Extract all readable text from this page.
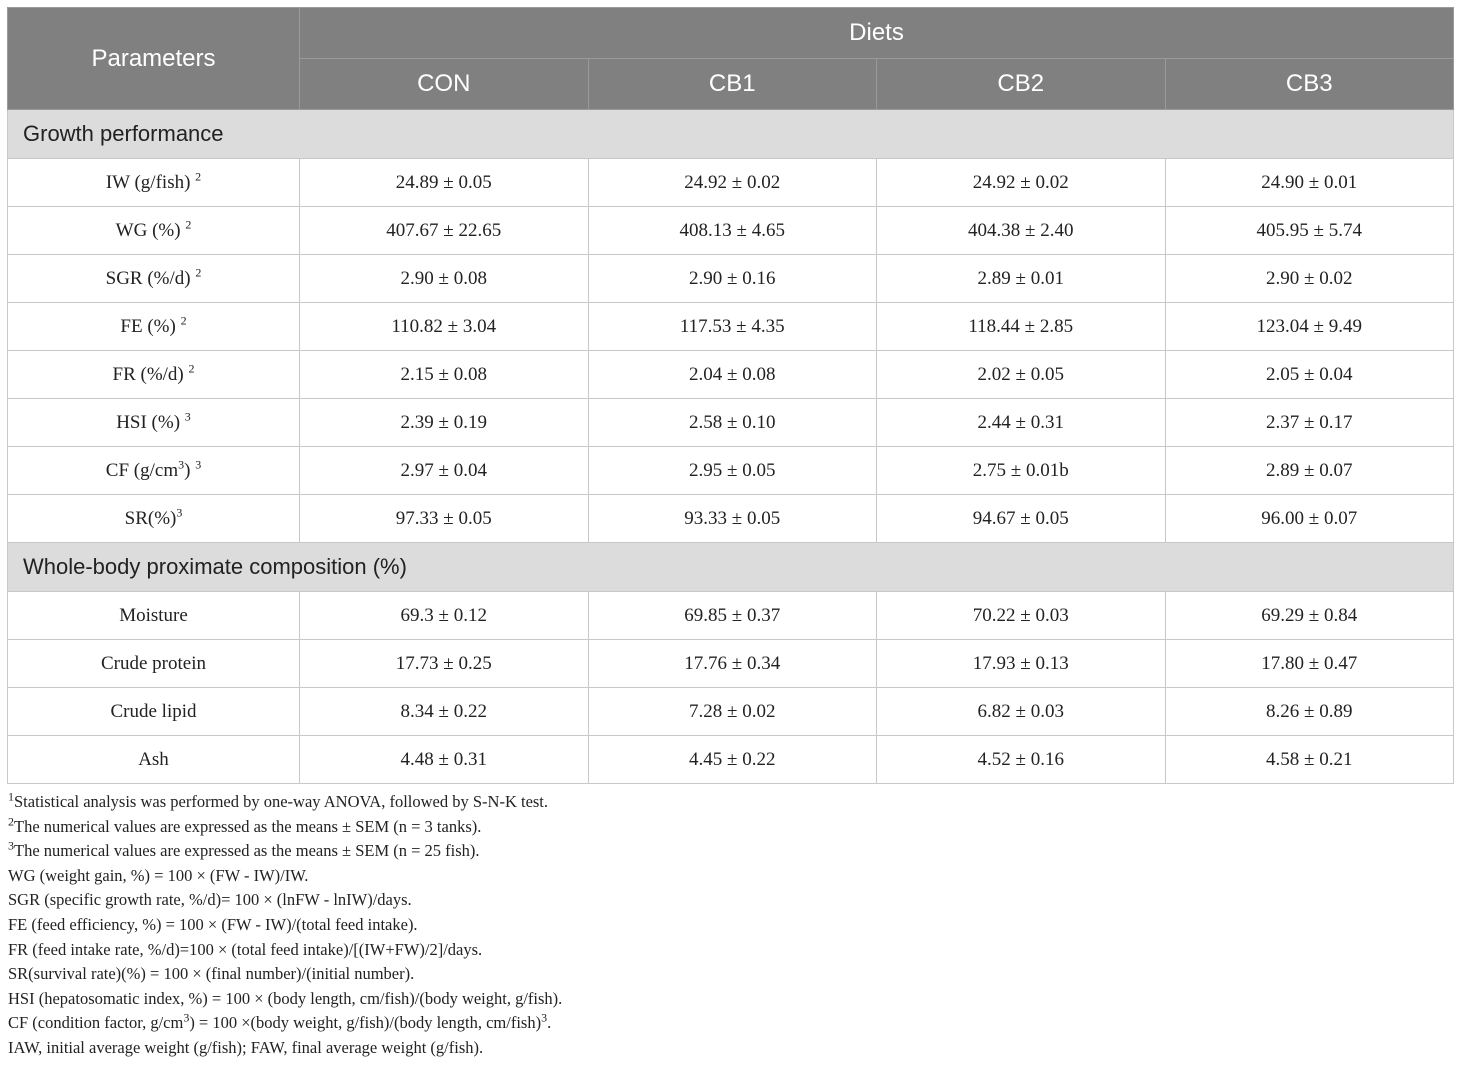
Parameters	Diets			
	CON	CB1	CB2	CB3
Growth performance				
IW (g/fish) $^2$	24.89 ± 0.05	24.92 ± 0.02	24.92 ± 0.02	24.90 ± 0.01
WG (%) $^2$	407.67 ± 22.65	408.13 ± 4.65	404.38 ± 2.40	405.95 ± 5.74
SGR (%/d) $^2$	2.90 ± 0.08	2.90 ± 0.16	2.89 ± 0.01	2.90 ± 0.02
FE (%) $^2$	110.82 ± 3.04	117.53 ± 4.35	118.44 ± 2.85	123.04 ± 9.49
FR (%/d) $^2$	2.15 ± 0.08	2.04 ± 0.08	2.02 ± 0.05	2.05 ± 0.04
HSI (%) $^3$	2.39 ± 0.19	2.58 ± 0.10	2.44 ± 0.31	2.37 ± 0.17
CF $(g/cm^3)$ $^3$	2.97 ± 0.04	2.95 ± 0.05	2.75 ± 0.01b	2.89 ± 0.07
SR(%)$^3$	97.33 ± 0.05	93.33 ± 0.05	94.67 ± 0.05	96.00 ± 0.07
Whole-body proximate composition (%)				
Moisture	69.3 ± 0.12	69.85 ± 0.37	70.22 ± 0.03	69.29 ± 0.84
Crude protein	17.73 ± 0.25	17.76 ± 0.34	17.93 ± 0.13	17.80 ± 0.47
Crude lipid	8.34 ± 0.22	7.28 ± 0.02	6.82 ± 0.03	8.26 ± 0.89
Ash	4.48 ± 0.31	4.45 ± 0.22	4.52 ± 0.16	4.58 ± 0.21
$^1$Statistical analysis was performed by one-way ANOVA, followed by S-N-K test.
$^2$The numerical values are expressed as the means ± SEM (n = 3 tanks).
$^3$The numerical values are expressed as the means ± SEM (n = 25 fish).
WG (weight gain, %) = 100 × (FW - IW)/IW.
SGR (specific growth rate, %/d)= 100 × (lnFW - lnIW)/days.
FE (feed efficiency, %) = 100 × (FW - IW)/(total feed intake).
FR (feed intake rate, %/d)=100 × (total feed intake)/[(IW+FW)/2]/days.
SR(survival rate)(%) = 100 × (final number)/(initial number).
HSI (hepatosomatic index, %) = 100 × (body length, cm/fish)/(body weight, g/fish).
CF (condition factor, $g/cm^3) = 100$ ×(body weight, g/fish)/(body length, cm/fish)$^3$.
IAW, initial average weight (g/fish); FAW, final average weight (g/fish).
